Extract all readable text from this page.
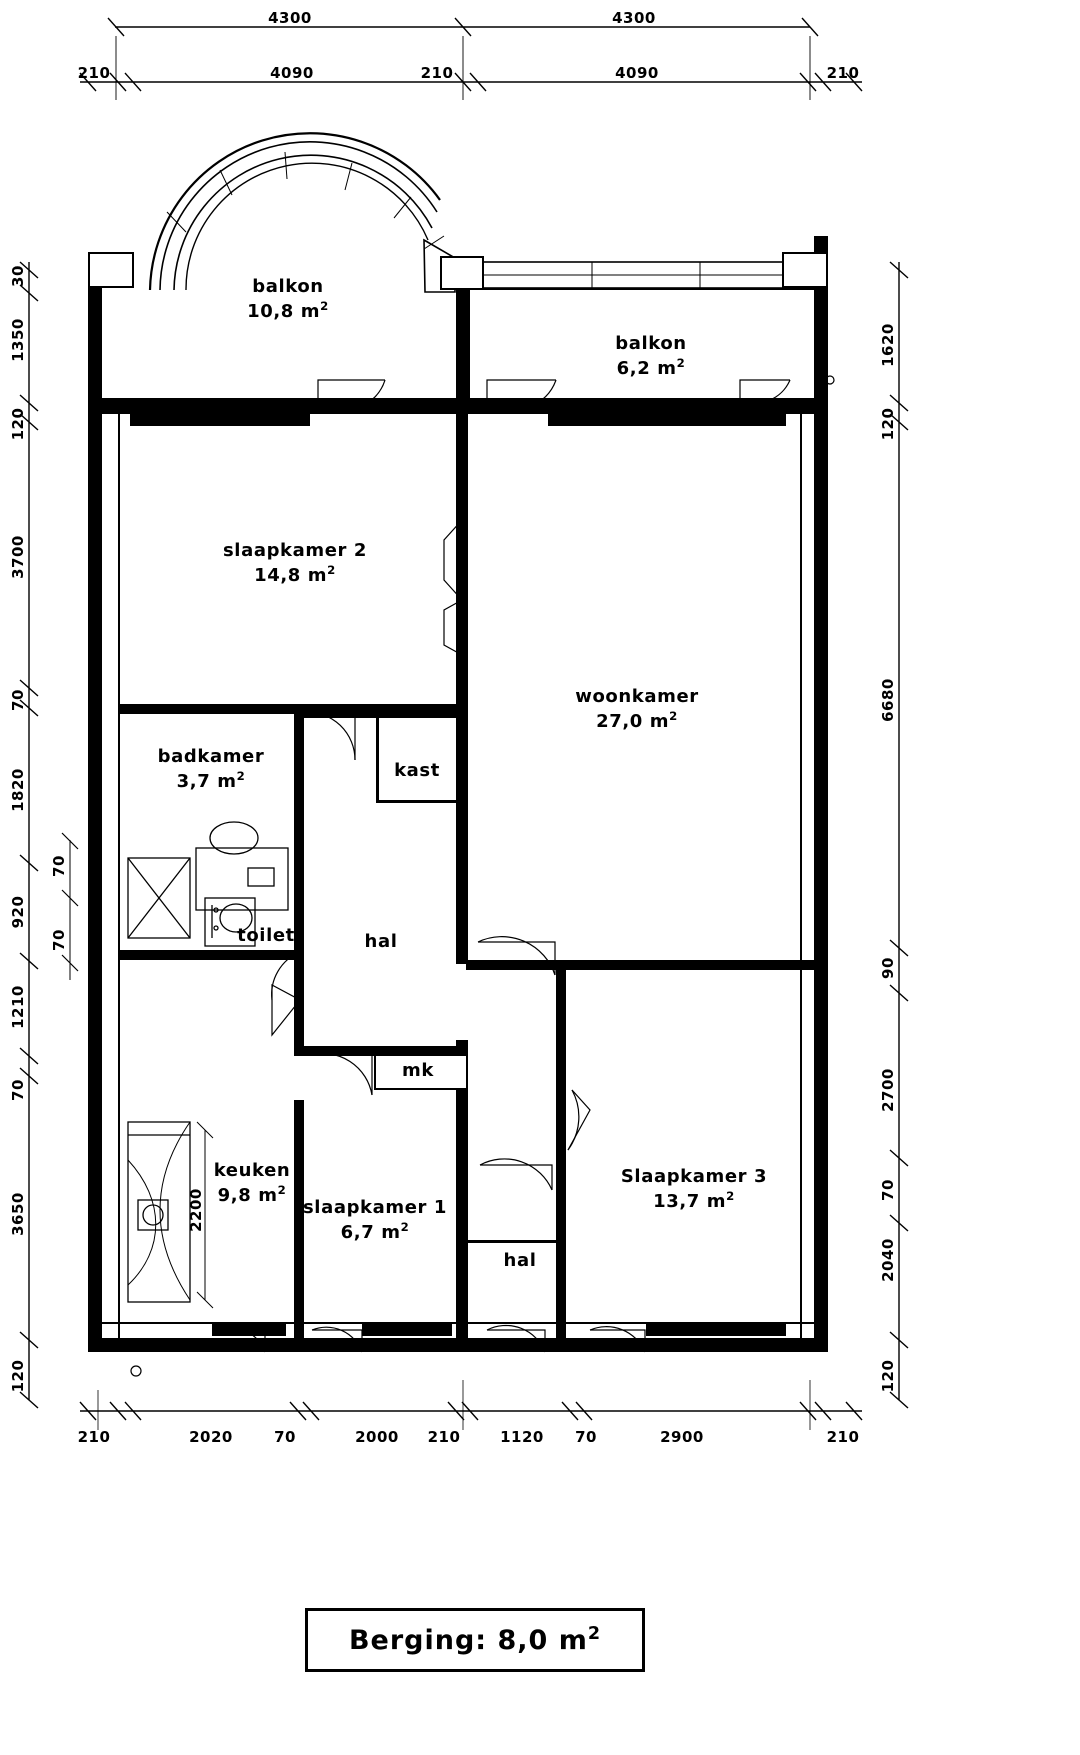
balkon
10,8 $m^2$
balkon
6,2 $m^2$
slaapkamer 2
14,8 $m^2$
woonkamer
27,0 $m^2$
badkamer
3,7 $m^2$	kast
toilet	hal
mk
keuken
9,8 $m^2$
slaapkamer 1
6,7 $m^2$
Slaapkamer 3
13,7 $m^2$
hal
4300	4300
210	4090	210	4090	210
210	2020	70	2000 210	1120 70	2900	210
30
1350
120
3700
70
1820
920
1210
70
3650
120
70
70
1620
120
6680
90
2700
70
2040
120
2200
Berging: 8,0 $m^2$
